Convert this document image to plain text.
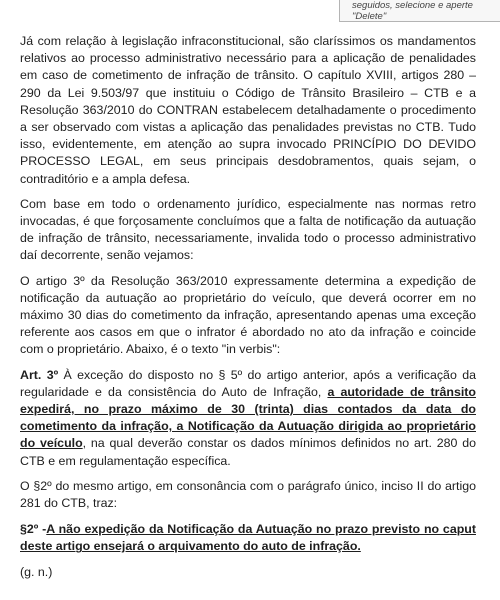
seguidos, selecione e aperte
"Delete"

Já com relação à legislação infraconstitucional, são claríssimos os mandamentos relativos ao processo administrativo necessário para a aplicação de penalidades em caso de cometimento de infração de trânsito. O capítulo XVIII, artigos 280 – 290 da Lei 9.503/97 que instituiu o Código de Trânsito Brasileiro – CTB e a Resolução 363/2010 do CONTRAN estabelecem detalhadamente o procedimento a ser observado com vistas a aplicação das penalidades previstas no CTB. Tudo isso, evidentemente, em atenção ao supra invocado PRINCÍPIO DO DEVIDO PROCESSO LEGAL, em seus principais desdobramentos, quais sejam, o contraditório e a ampla defesa.

Com base em todo o ordenamento jurídico, especialmente nas normas retro invocadas, é que forçosamente concluímos que a falta de notificação da autuação de infração de trânsito, necessariamente, invalida todo o processo administrativo daí decorrente, senão vejamos:

O artigo 3º da Resolução 363/2010 expressamente determina a expedição de notificação da autuação ao proprietário do veículo, que deverá ocorrer em no máximo 30 dias do cometimento da infração, apresentando apenas uma exceção referente aos casos em que o infrator é abordado no ato da infração e coincide com o proprietário. Abaixo, é o texto "in verbis":

Art. 3º À exceção do disposto no § 5º do artigo anterior, após a verificação da regularidade e da consistência do Auto de Infração, a autoridade de trânsito expedirá, no prazo máximo de 30 (trinta) dias contados da data do cometimento da infração, a Notificação da Autuação dirigida ao proprietário do veículo, na qual deverão constar os dados mínimos definidos no art. 280 do CTB e em regulamentação específica.

O §2º do mesmo artigo, em consonância com o parágrafo único, inciso II do artigo 281 do CTB, traz:

§2º -A não expedição da Notificação da Autuação no prazo previsto no caput deste artigo ensejará o arquivamento do auto de infração.

(g. n.)
